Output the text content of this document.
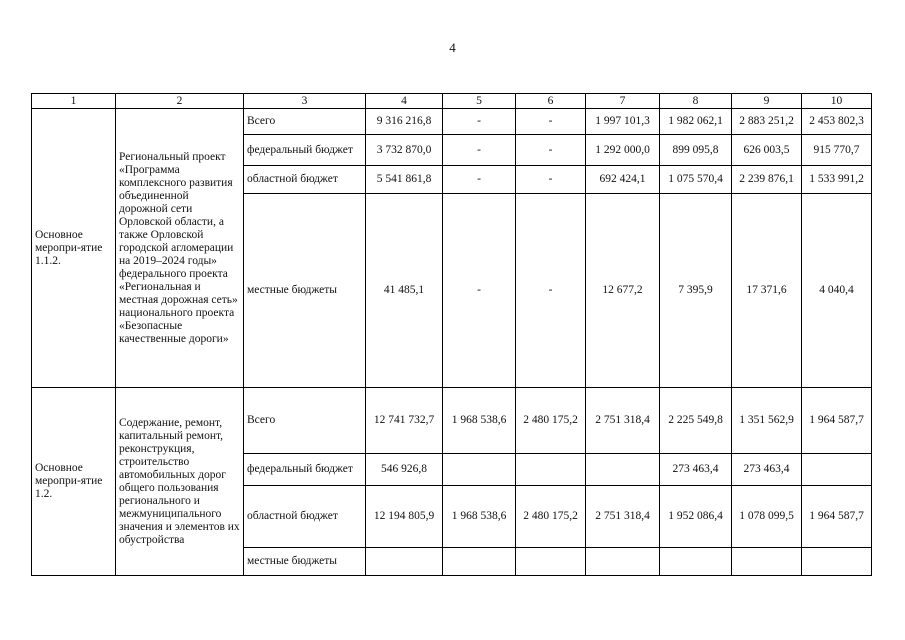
4
1	2	3	4	5	6	7	8	9	10
Основное меропри-ятие 1.1.2.	Региональный проект «Программа комплексного развития объединенной дорожной сети Орловской области, а также Орловской городской агломерации на 2019–2024 годы» федерального проекта «Региональная и местная дорожная сеть» национального проекта «Безопасные качественные дороги»	Всего	9 316 216,8	-	-	1 997 101,3	1 982 062,1	2 883 251,2	2 453 802,3
		федеральный бюджет	3 732 870,0	-	-	1 292 000,0	899 095,8	626 003,5	915 770,7
		областной бюджет	5 541 861,8	-	-	692 424,1	1 075 570,4	2 239 876,1	1 533 991,2
		местные бюджеты	41 485,1	-	-	12 677,2	7 395,9	17 371,6	4 040,4
Основное меропри-ятие 1.2.	Содержание, ремонт, капитальный ремонт, реконструкция, строительство автомобильных дорог общего пользования регионального и межмуниципального значения и элементов их обустройства	Всего	12 741 732,7	1 968 538,6	2 480 175,2	2 751 318,4	2 225 549,8	1 351 562,9	1 964 587,7
		федеральный бюджет	546 926,8				273 463,4	273 463,4	
		областной бюджет	12 194 805,9	1 968 538,6	2 480 175,2	2 751 318,4	1 952 086,4	1 078 099,5	1 964 587,7
		местные бюджеты							
